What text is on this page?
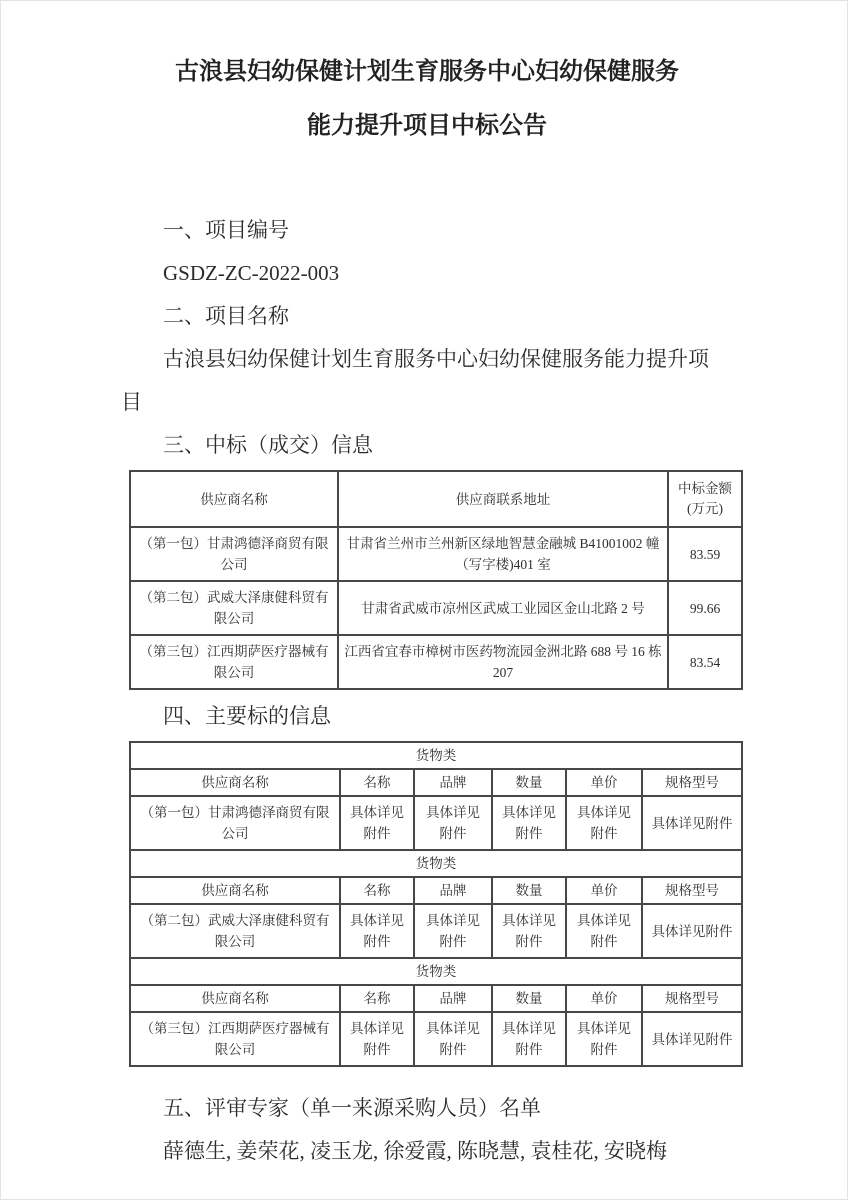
古浪县妇幼保健计划生育服务中心妇幼保健服务
能力提升项目中标公告

一、项目编号

GSDZ-ZC-2022-003

二、项目名称

古浪县妇幼保健计划生育服务中心妇幼保健服务能力提升项目

三、中标（成交）信息

供应商名称	供应商联系地址	中标金额
(万元)

（第一包）甘肃鸿德泽商贸有限公司	甘肃省兰州市兰州新区绿地智慧金融城 B41001002 幢（写字楼)401 室	83.59
（第二包）武威大泽康健科贸有限公司	甘肃省武威市凉州区武威工业园区金山北路 2 号	99.66
（第三包）江西期萨医疗器械有限公司	江西省宜春市樟树市医药物流园金洲北路 688 号 16 栋 207	83.54

四、主要标的信息

货物类					
供应商名称	名称	品牌	数量	单价	规格型号
（第一包）甘肃鸿德泽商贸有限公司	具体详见附件	具体详见附件	具体详见附件	具体详见附件	具体详见附件
货物类					
供应商名称	名称	品牌	数量	单价	规格型号
（第二包）武威大泽康健科贸有限公司	具体详见附件	具体详见附件	具体详见附件	具体详见附件	具体详见附件
货物类					
供应商名称	名称	品牌	数量	单价	规格型号
（第三包）江西期萨医疗器械有限公司	具体详见附件	具体详见附件	具体详见附件	具体详见附件	具体详见附件

五、评审专家（单一来源采购人员）名单

薛德生, 姜荣花, 凌玉龙, 徐爱霞, 陈晓慧, 袁桂花, 安晓梅
